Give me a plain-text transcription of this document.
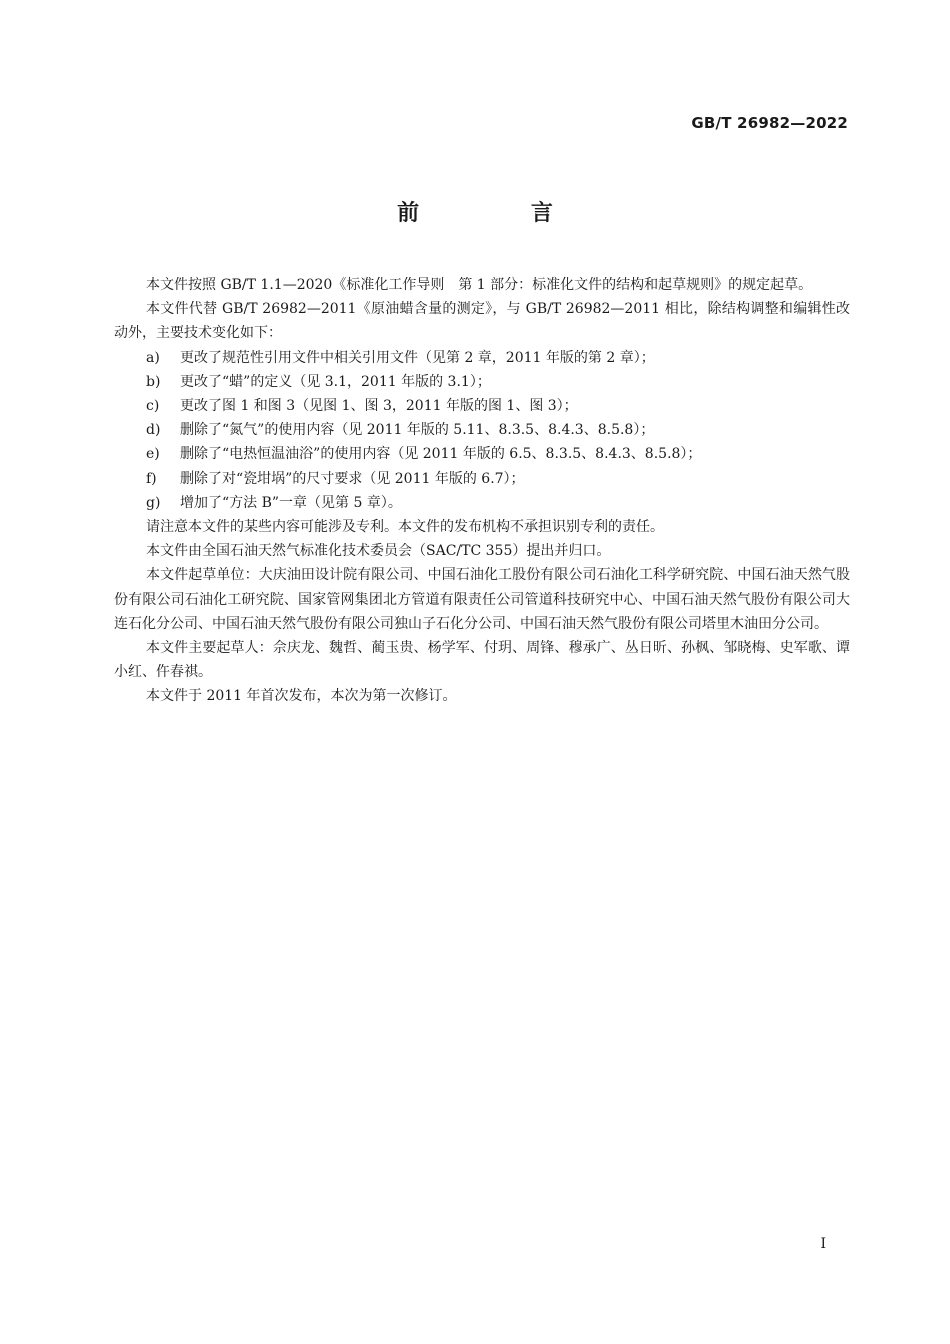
GB/T 26982—2022
前 言

本文件按照 GB/T 1.1—2020《标准化工作导则　第 1 部分：标准化文件的结构和起草规则》的规定起草。

本文件代替 GB/T 26982—2011《原油蜡含量的测定》，与 GB/T 26982—2011 相比，除结构调整和编辑性改动外，主要技术变化如下：

a) 更改了规范性引用文件中相关引用文件（见第 2 章，2011 年版的第 2 章）；

b) 更改了“蜡”的定义（见 3.1，2011 年版的 3.1）；

c) 更改了图 1 和图 3（见图 1、图 3，2011 年版的图 1、图 3）；

d) 删除了“氮气”的使用内容（见 2011 年版的 5.11、8.3.5、8.4.3、8.5.8）；

e) 删除了“电热恒温油浴”的使用内容（见 2011 年版的 6.5、8.3.5、8.4.3、8.5.8）；

f) 删除了对“瓷坩埚”的尺寸要求（见 2011 年版的 6.7）；

g) 增加了“方法 B”一章（见第 5 章）。

请注意本文件的某些内容可能涉及专利。本文件的发布机构不承担识别专利的责任。

本文件由全国石油天然气标准化技术委员会（SAC/TC 355）提出并归口。

本文件起草单位：大庆油田设计院有限公司、中国石油化工股份有限公司石油化工科学研究院、中国石油天然气股份有限公司石油化工研究院、国家管网集团北方管道有限责任公司管道科技研究中心、中国石油天然气股份有限公司大连石化分公司、中国石油天然气股份有限公司独山子石化分公司、中国石油天然气股份有限公司塔里木油田分公司。

本文件主要起草人：佘庆龙、魏哲、蔺玉贵、杨学军、付玥、周锋、穆承广、丛日昕、孙枫、邹晓梅、史军歌、谭小红、仵春祺。

本文件于 2011 年首次发布，本次为第一次修订。

I
